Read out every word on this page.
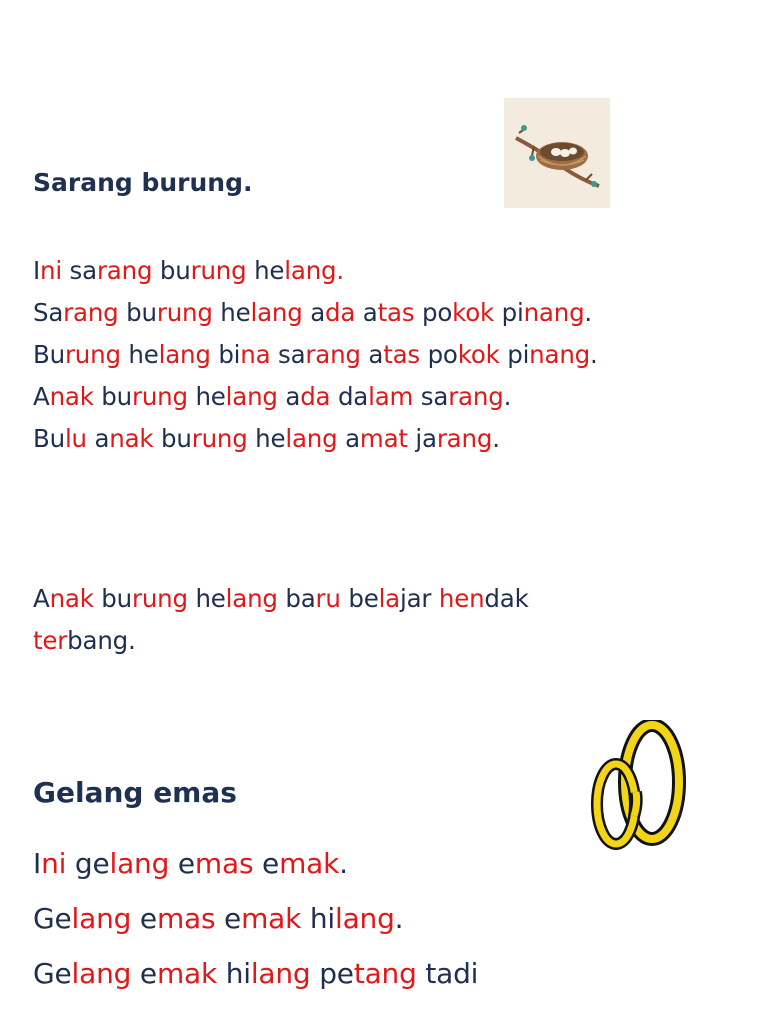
Sarang burung.
Ini sarang burung helang.
Sarang burung helang ada atas pokok pinang.
Burung helang bina sarang atas pokok pinang.
Anak burung helang ada dalam sarang.
Bulu anak burung helang amat jarang.
Anak burung helang baru belajar hendak
terbang.
Gelang emas
Ini gelang emas emak.
Gelang emas emak hilang.
Gelang emak hilang petang tadi
